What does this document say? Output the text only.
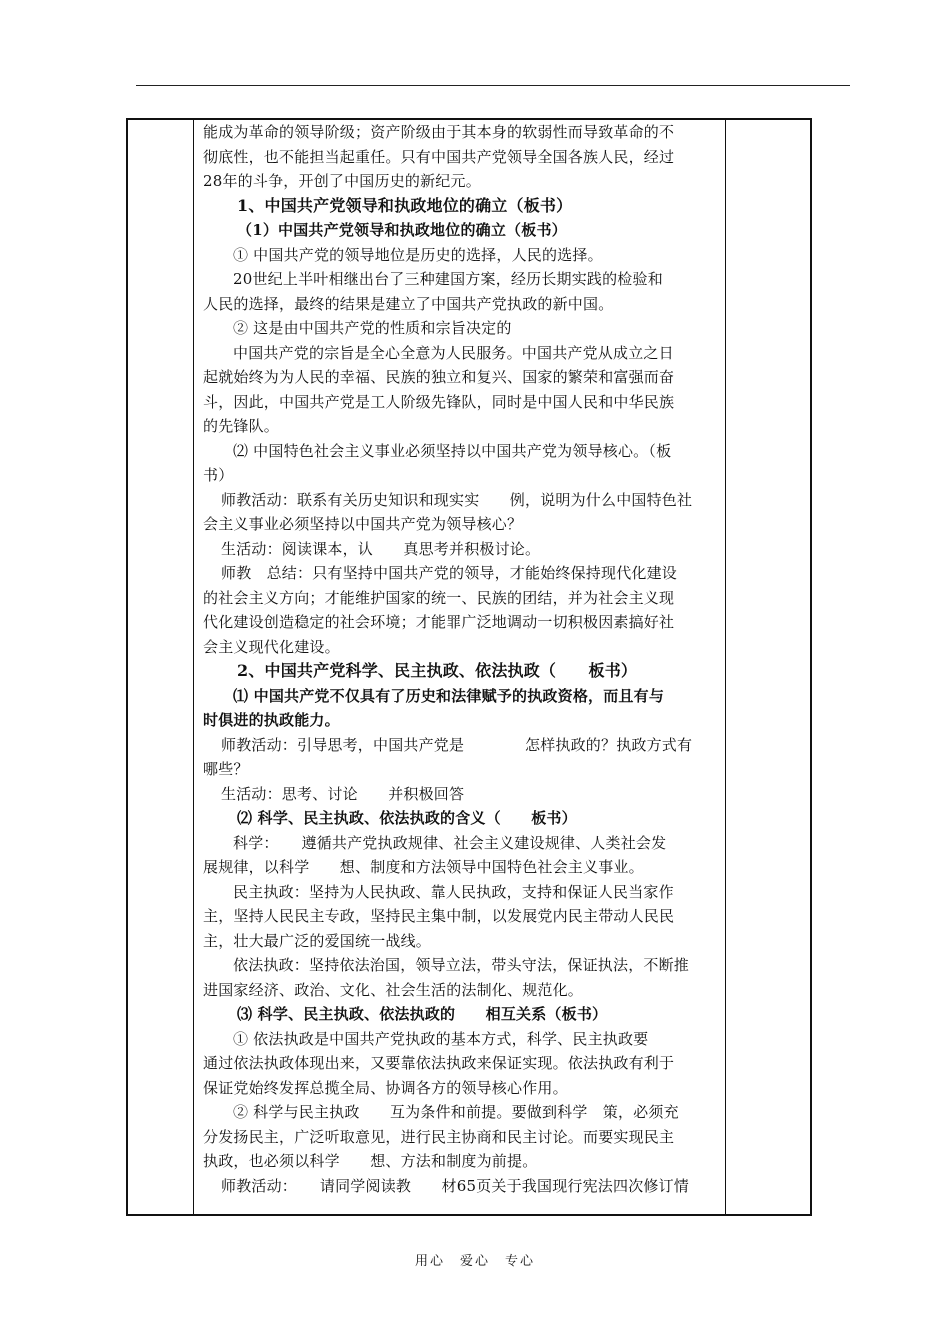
能成为革命的领导阶级；资产阶级由于其本身的软弱性而导致革命的不

彻底性，也不能担当起重任。只有中国共产党领导全国各族人民，经过

28年的斗争，开创了中国历史的新纪元。

1、中国共产党领导和执政地位的确立（板书）

（1）中国共产党领导和执政地位的确立（板书）

① 中国共产党的领导地位是历史的选择，人民的选择。

20世纪上半叶相继出台了三种建国方案，经历长期实践的检验和

人民的选择，最终的结果是建立了中国共产党执政的新中国。

② 这是由中国共产党的性质和宗旨决定的

中国共产党的宗旨是全心全意为人民服务。中国共产党从成立之日

起就始终为为人民的幸福、民族的独立和复兴、国家的繁荣和富强而奋

斗，因此，中国共产党是工人阶级先锋队，同时是中国人民和中华民族

的先锋队。

⑵ 中国特色社会主义事业必须坚持以中国共产党为领导核心。（板

书）

师教活动：联系有关历史知识和现实实　　例，说明为什么中国特色社

会主义事业必须坚持以中国共产党为领导核心？

生活动：阅读课本，认　　真思考并积极讨论。

师教　总结：只有坚持中国共产党的领导，才能始终保持现代化建设

的社会主义方向；才能维护国家的统一、民族的团结，并为社会主义现

代化建设创造稳定的社会环境；才能罪广泛地调动一切积极因素搞好社

会主义现代化建设。

2、中国共产党科学、民主执政、依法执政（　　板书）

⑴ 中国共产党不仅具有了历史和法律赋予的执政资格，而且有与

时俱进的执政能力。

师教活动：引导思考，中国共产党是　　　　怎样执政的？执政方式有

哪些？

生活动：思考、讨论　　并积极回答

⑵ 科学、民主执政、依法执政的含义（　　板书）

科学：　　遵循共产党执政规律、社会主义建设规律、人类社会发

展规律，以科学　　想、制度和方法领导中国特色社会主义事业。

民主执政：坚持为人民执政、靠人民执政，支持和保证人民当家作

主，坚持人民民主专政，坚持民主集中制，以发展党内民主带动人民民

主，壮大最广泛的爱国统一战线。

依法执政：坚持依法治国，领导立法，带头守法，保证执法，不断推

进国家经济、政治、文化、社会生活的法制化、规范化。

⑶ 科学、民主执政、依法执政的　　相互关系（板书）

① 依法执政是中国共产党执政的基本方式，科学、民主执政要

通过依法执政体现出来，又要靠依法执政来保证实现。依法执政有利于

保证党始终发挥总揽全局、协调各方的领导核心作用。

② 科学与民主执政　　互为条件和前提。要做到科学　策，必须充

分发扬民主，广泛听取意见，进行民主协商和民主讨论。而要实现民主

执政，也必须以科学　　想、方法和制度为前提。

师教活动：　　请同学阅读教　　材65页关于我国现行宪法四次修订情

用心　爱心　专心
